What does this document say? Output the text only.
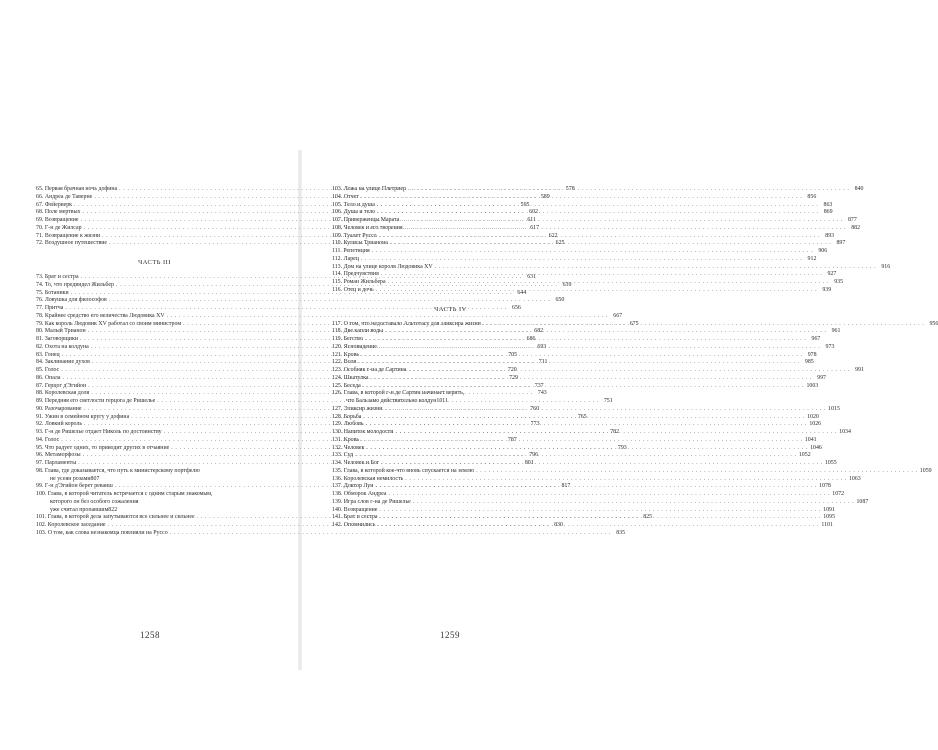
65. Первая брачная ночь дофина . . .	578
66. Андреа де Таверне . . .	589
67. Фейерверк . . .	595
68. Поле мертвых . . .	602
69. Возвращение . . .	611
70. Г-н де Жилсар . . .	617
71. Возвращение к жизни . . .	622
72. Воздушное путешествие . . .	625
ЧАСТЬ III
73. Брат и сестра . . .	631
74. То, что предвидел Жильбер . . .	639
75. Ботаники . . .	644
76. Ловушка для философов . . .	650
77. Притча . . .	656
78. Крайнее средство его величества Людовика XV . . .	667
79. Как король Людовик XV работал со своим министром . . .	675
80. Малый Трианон . . .	682
81. Заговорщики . . .	686
82. Охота на колдуна . . .	693
83. Гонец . . .	705
84. Заклинание духов . . .	711
85. Голос . . .	720
86. Опала . . .	729
87. Герцог д'Эгийон . . .	737
88. Королевская доля . . .	743
89. Передняя его светлости герцога де Ришелье . . .	751
90. Разочарование . . .	760
91. Ужин в семейном кругу у дофина . . .	765
92. Ловкий король . . .	773
93. Г-н де Ришелье отдает Николь по достоинству . . .	782
94. Голос . . .	787
95. Что радует одних, то приводит других в отчаяние . . .	793
96. Метаморфозы . . .	796
97. Парламенты . . .	801
98. Глава, где доказывается, что путь к министерскому портфелю
не усеян розами 807
99. Г-н д'Эгийон берет реванш . . .	817
100. Глава, в которой читатель встречается с одним старым знакомым,
которого он без особого сожаления
уже считал пропавшим 822
101. Глава, в которой дела запутываются все сильнее и сильнее . . .	825
102. Королевское заседание . . .	830
103. О том, как слова незнакомца повлияли на Руссо . . .	835
1258
103. Ложа на улице Плетриер . . .	840
104. Отчет . . .	856
105. Тело и душа . . .	863
106. Душа и тело . . .	869
107. Приверженцы Марата . . .	877
108. Человек и его творения . . .	882
109. Туалет Руссо . . .	893
110. Кулисы Трианона . . .	897
111. Репетиция . . .	906
112. Ларец . . .	912
113. Дом на улице короля Людовика XV . . .	916
114. Предчувствия . . .	927
115. Роман Жильбера . . .	935
116. Отец и дочь . . .	939
ЧАСТЬ IV
117. О том, что недоставало Альтотасу для эликсира жизни . . .	956
118. Две капли воды . . .	961
119. Бегство . . .	967
120. Ясновидение . . .	973
121. Кровь . . .	978
122. Воля . . .	985
123. Особняк г-на де Сартина . . .	991
124. Шкатулка . . .	997
125. Беседа . . .	1003
126. Глава, в которой г-н де Сартин начинает верить,
что Бальзамо действительно колдун 1011
127. Эликсир жизни . . .	1015
128. Борьба . . .	1020
129. Любовь . . .	1026
130. Напиток молодости . . .	1034
131. Кровь . . .	1041
132. Человек . . .	1046
133. Суд . . .	1052
134. Человек и Бог . . .	1055
135. Глава, в которой кое-что вновь спускается на землю . . .	1059
136. Королевская немилость . . .	1063
137. Доктор Луи . . .	1078
138. Обморок Андреа . . .	1072
139. Игра слов г-на де Ришелье . . .	1087
140. Возвращение . . .	1091
141. Брат и сестра . . .	1095
142. Опомнились . . .	1101
1259
